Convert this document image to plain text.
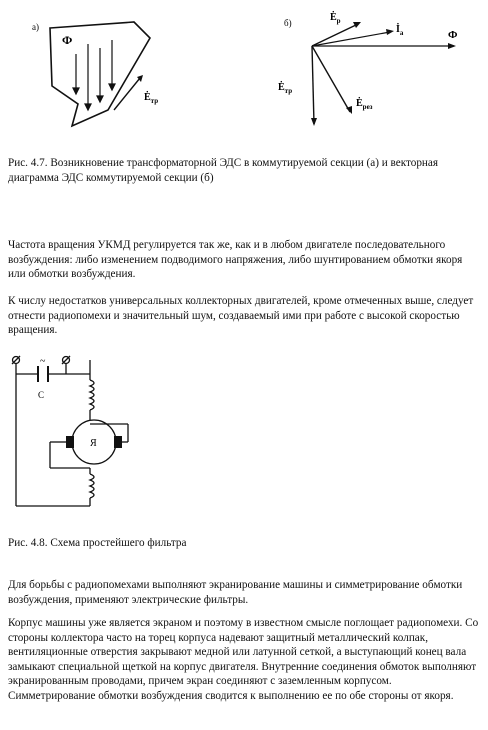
а)
Ф
$Ė_{тр}$
б)
Ф
$İ_а$
$Ė_р$
$Ė_{тр}$
$Ė_{рез}$

Рис. 4.7. Возникновение трансформаторной ЭДС в коммутируемой секции (а) и векторная диаграмма ЭДС коммутируемой секции (б)

Частота вращения УКМД регулируется так же, как и в любом двигателе последовательного возбуждения: либо изменением подводимого напряжения, либо шунтированием обмотки якоря или обмотки возбуждения.

К числу недостатков универсальных коллекторных двигателей, кроме отмеченных выше, следует отнести радиопомехи и значительный шум, создаваемый ими при работе с высокой скоростью вращения.

~
С
Я

Рис. 4.8. Схема простейшего фильтра

Для борьбы с радиопомехами выполняют экранирование машины и симметрирование обмотки возбуждения, применяют электрические фильтры.

Корпус машины уже является экраном и поэтому в известном смысле поглощает радиопомехи. Со стороны коллектора часто на торец корпуса надевают защитный металлический колпак, вентиляционные отверстия закрывают медной или латунной сеткой, а выступающий конец вала замыкают специальной щеткой на корпус двигателя. Внутренние соединения обмоток выполняют экранированным проводами, причем экран соединяют с заземленным корпусом. Симметрирование обмотки возбуждения сводится к выполнению ее по обе стороны от якоря.
